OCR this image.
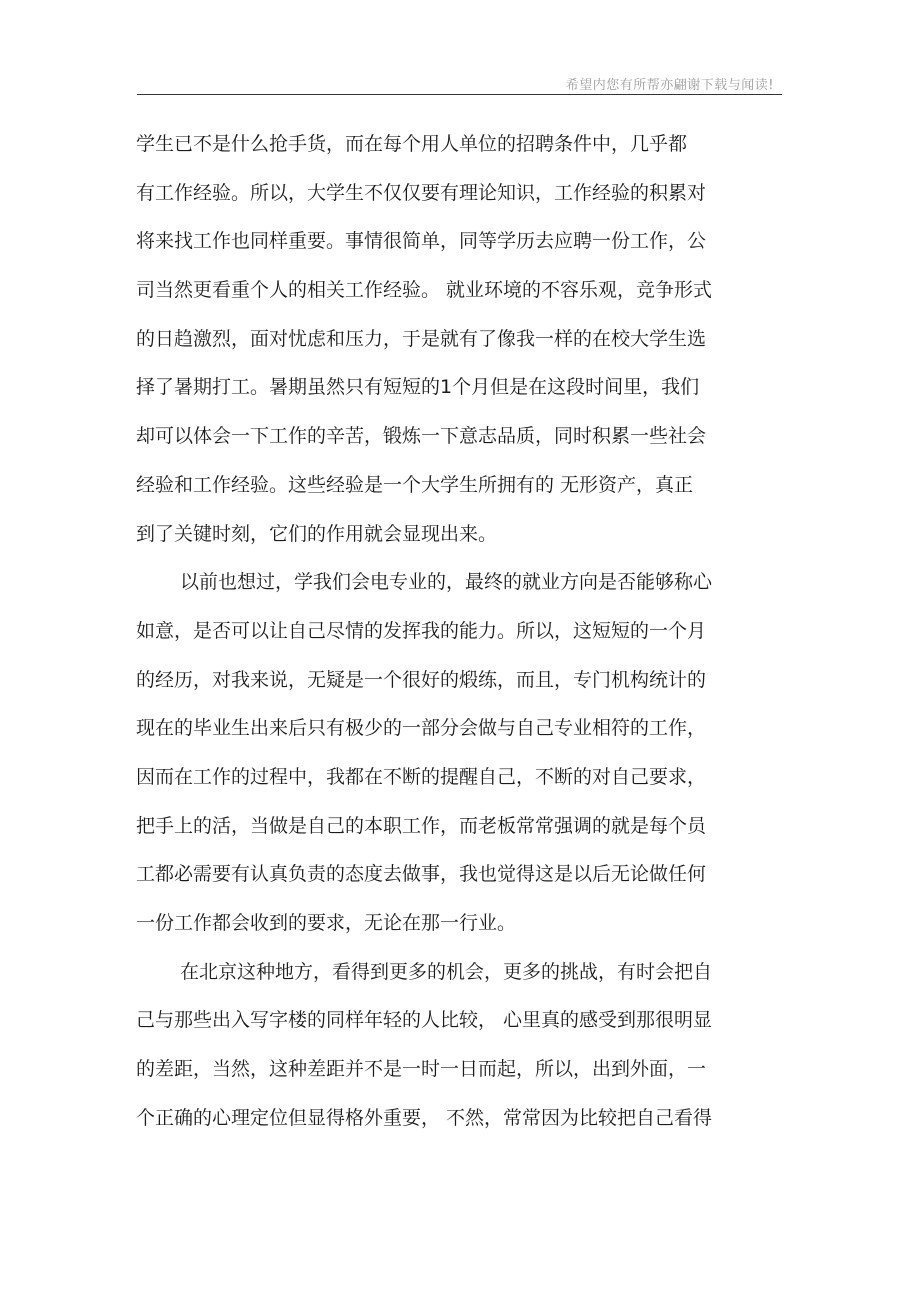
希望内您有所帮亦翩谢下载与闻读!
学生已不是什么抢手货，而在每个用人单位的招聘条件中，几乎都
有工作经验。所以，大学生不仅仅要有理论知识，工作经验的积累对
将来找工作也同样重要。事情很简单，同等学历去应聘一份工作，公
司当然更看重个人的相关工作经验。 就业环境的不容乐观，竞争形式
的日趋激烈，面对忧虑和压力，于是就有了像我一样的在校大学生选
择了暑期打工。暑期虽然只有短短的1个月但是在这段时间里，我们
却可以体会一下工作的辛苦，锻炼一下意志品质，同时积累一些社会
经验和工作经验。这些经验是一个大学生所拥有的 无形资产，真正
到了关键时刻，它们的作用就会显现出来。
以前也想过，学我们会电专业的，最终的就业方向是否能够称心
如意，是否可以让自己尽情的发挥我的能力。所以，这短短的一个月
的经历，对我来说，无疑是一个很好的煅练，而且，专门机构统计的
现在的毕业生出来后只有极少的一部分会做与自己专业相符的工作，
因而在工作的过程中，我都在不断的提醒自己，不断的对自己要求，
把手上的活，当做是自己的本职工作，而老板常常强调的就是每个员
工都必需要有认真负责的态度去做事，我也觉得这是以后无论做任何
一份工作都会收到的要求，无论在那一行业。
在北京这种地方，看得到更多的机会，更多的挑战，有时会把自
己与那些出入写字楼的同样年轻的人比较， 心里真的感受到那很明显
的差距，当然，这种差距并不是一时一日而起，所以，出到外面，一
个正确的心理定位但显得格外重要， 不然，常常因为比较把自己看得
